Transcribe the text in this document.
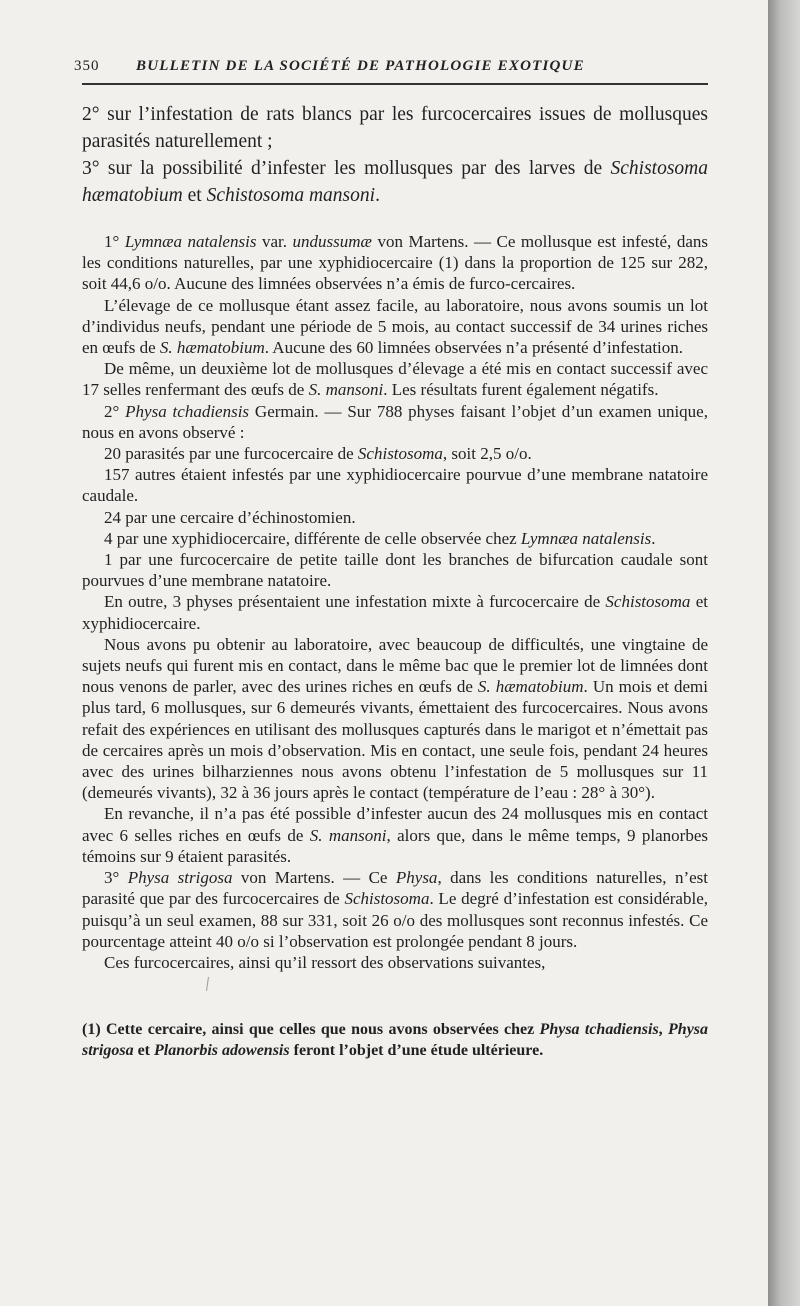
350	BULLETIN DE LA SOCIÉTÉ DE PATHOLOGIE EXOTIQUE

2° sur l’infestation de rats blancs par les furcocercaires issues de mollusques parasités naturellement ;

3° sur la possibilité d’infester les mollusques par des larves de Schistosoma hæmatobium et Schistosoma mansoni.

1° Lymnæa natalensis var. undussumæ von Martens. — Ce mollusque est infesté, dans les conditions naturelles, par une xyphidiocercaire (1) dans la proportion de 125 sur 282, soit 44,6 o/o. Aucune des limnées observées n’a émis de furco-cercaires.

L’élevage de ce mollusque étant assez facile, au laboratoire, nous avons soumis un lot d’individus neufs, pendant une période de 5 mois, au contact successif de 34 urines riches en œufs de S. hæmatobium. Aucune des 60 limnées observées n’a présenté d’infestation.

De même, un deuxième lot de mollusques d’élevage a été mis en contact successif avec 17 selles renfermant des œufs de S. mansoni. Les résultats furent également négatifs.

2° Physa tchadiensis Germain. — Sur 788 physes faisant l’objet d’un examen unique, nous en avons observé :

20 parasités par une furcocercaire de Schistosoma, soit 2,5 o/o.

157 autres étaient infestés par une xyphidiocercaire pourvue d’une membrane natatoire caudale.

24 par une cercaire d’échinostomien.

4 par une xyphidiocercaire, différente de celle observée chez Lymnæa natalensis.

1 par une furcocercaire de petite taille dont les branches de bifurcation caudale sont pourvues d’une membrane natatoire.

En outre, 3 physes présentaient une infestation mixte à furcocercaire de Schistosoma et xyphidiocercaire.

Nous avons pu obtenir au laboratoire, avec beaucoup de difficultés, une vingtaine de sujets neufs qui furent mis en contact, dans le même bac que le premier lot de limnées dont nous venons de parler, avec des urines riches en œufs de S. hæmatobium. Un mois et demi plus tard, 6 mollusques, sur 6 demeurés vivants, émettaient des furcocercaires. Nous avons refait des expériences en utilisant des mollusques capturés dans le marigot et n’émettait pas de cercaires après un mois d’observation. Mis en contact, une seule fois, pendant 24 heures avec des urines bilharziennes nous avons obtenu l’infestation de 5 mollusques sur 11 (demeurés vivants), 32 à 36 jours après le contact (température de l’eau : 28° à 30°).

En revanche, il n’a pas été possible d’infester aucun des 24 mollusques mis en contact avec 6 selles riches en œufs de S. mansoni, alors que, dans le même temps, 9 planorbes témoins sur 9 étaient parasités.

3° Physa strigosa von Martens. — Ce Physa, dans les conditions naturelles, n’est parasité que par des furcocercaires de Schistosoma. Le degré d’infestation est considérable, puisqu’à un seul examen, 88 sur 331, soit 26 o/o des mollusques sont reconnus infestés. Ce pourcentage atteint 40 o/o si l’observation est prolongée pendant 8 jours.

Ces furcocercaires, ainsi qu’il ressort des observations suivantes,

(1) Cette cercaire, ainsi que celles que nous avons observées chez Physa tchadiensis, Physa strigosa et Planorbis adowensis feront l’objet d’une étude ultérieure.
